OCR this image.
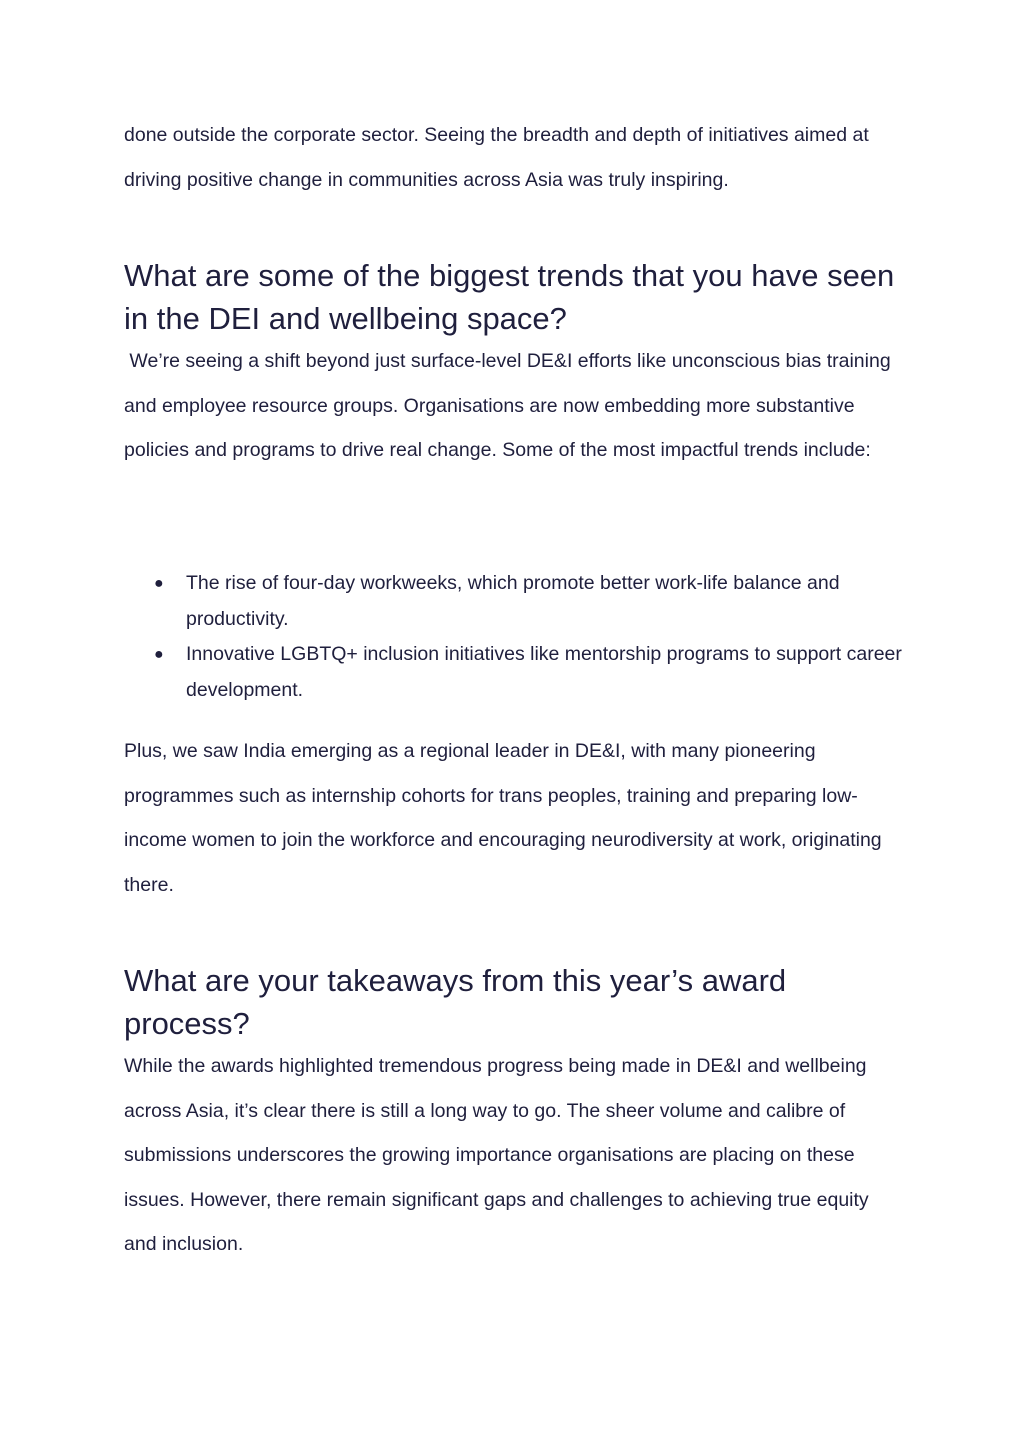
done outside the corporate sector. Seeing the breadth and depth of initiatives aimed at driving positive change in communities across Asia was truly inspiring.

What are some of the biggest trends that you have seen in the DEI and wellbeing space?

We’re seeing a shift beyond just surface-level DE&I efforts like unconscious bias training and employee resource groups. Organisations are now embedding more substantive policies and programs to drive real change. Some of the most impactful trends include:

● The rise of four-day workweeks, which promote better work-life balance and productivity.
● Innovative LGBTQ+ inclusion initiatives like mentorship programs to support career development.

Plus, we saw India emerging as a regional leader in DE&I, with many pioneering programmes such as internship cohorts for trans peoples, training and preparing low-income women to join the workforce and encouraging neurodiversity at work, originating there.

What are your takeaways from this year’s award process?

While the awards highlighted tremendous progress being made in DE&I and wellbeing across Asia, it’s clear there is still a long way to go. The sheer volume and calibre of submissions underscores the growing importance organisations are placing on these issues. However, there remain significant gaps and challenges to achieving true equity and inclusion.
